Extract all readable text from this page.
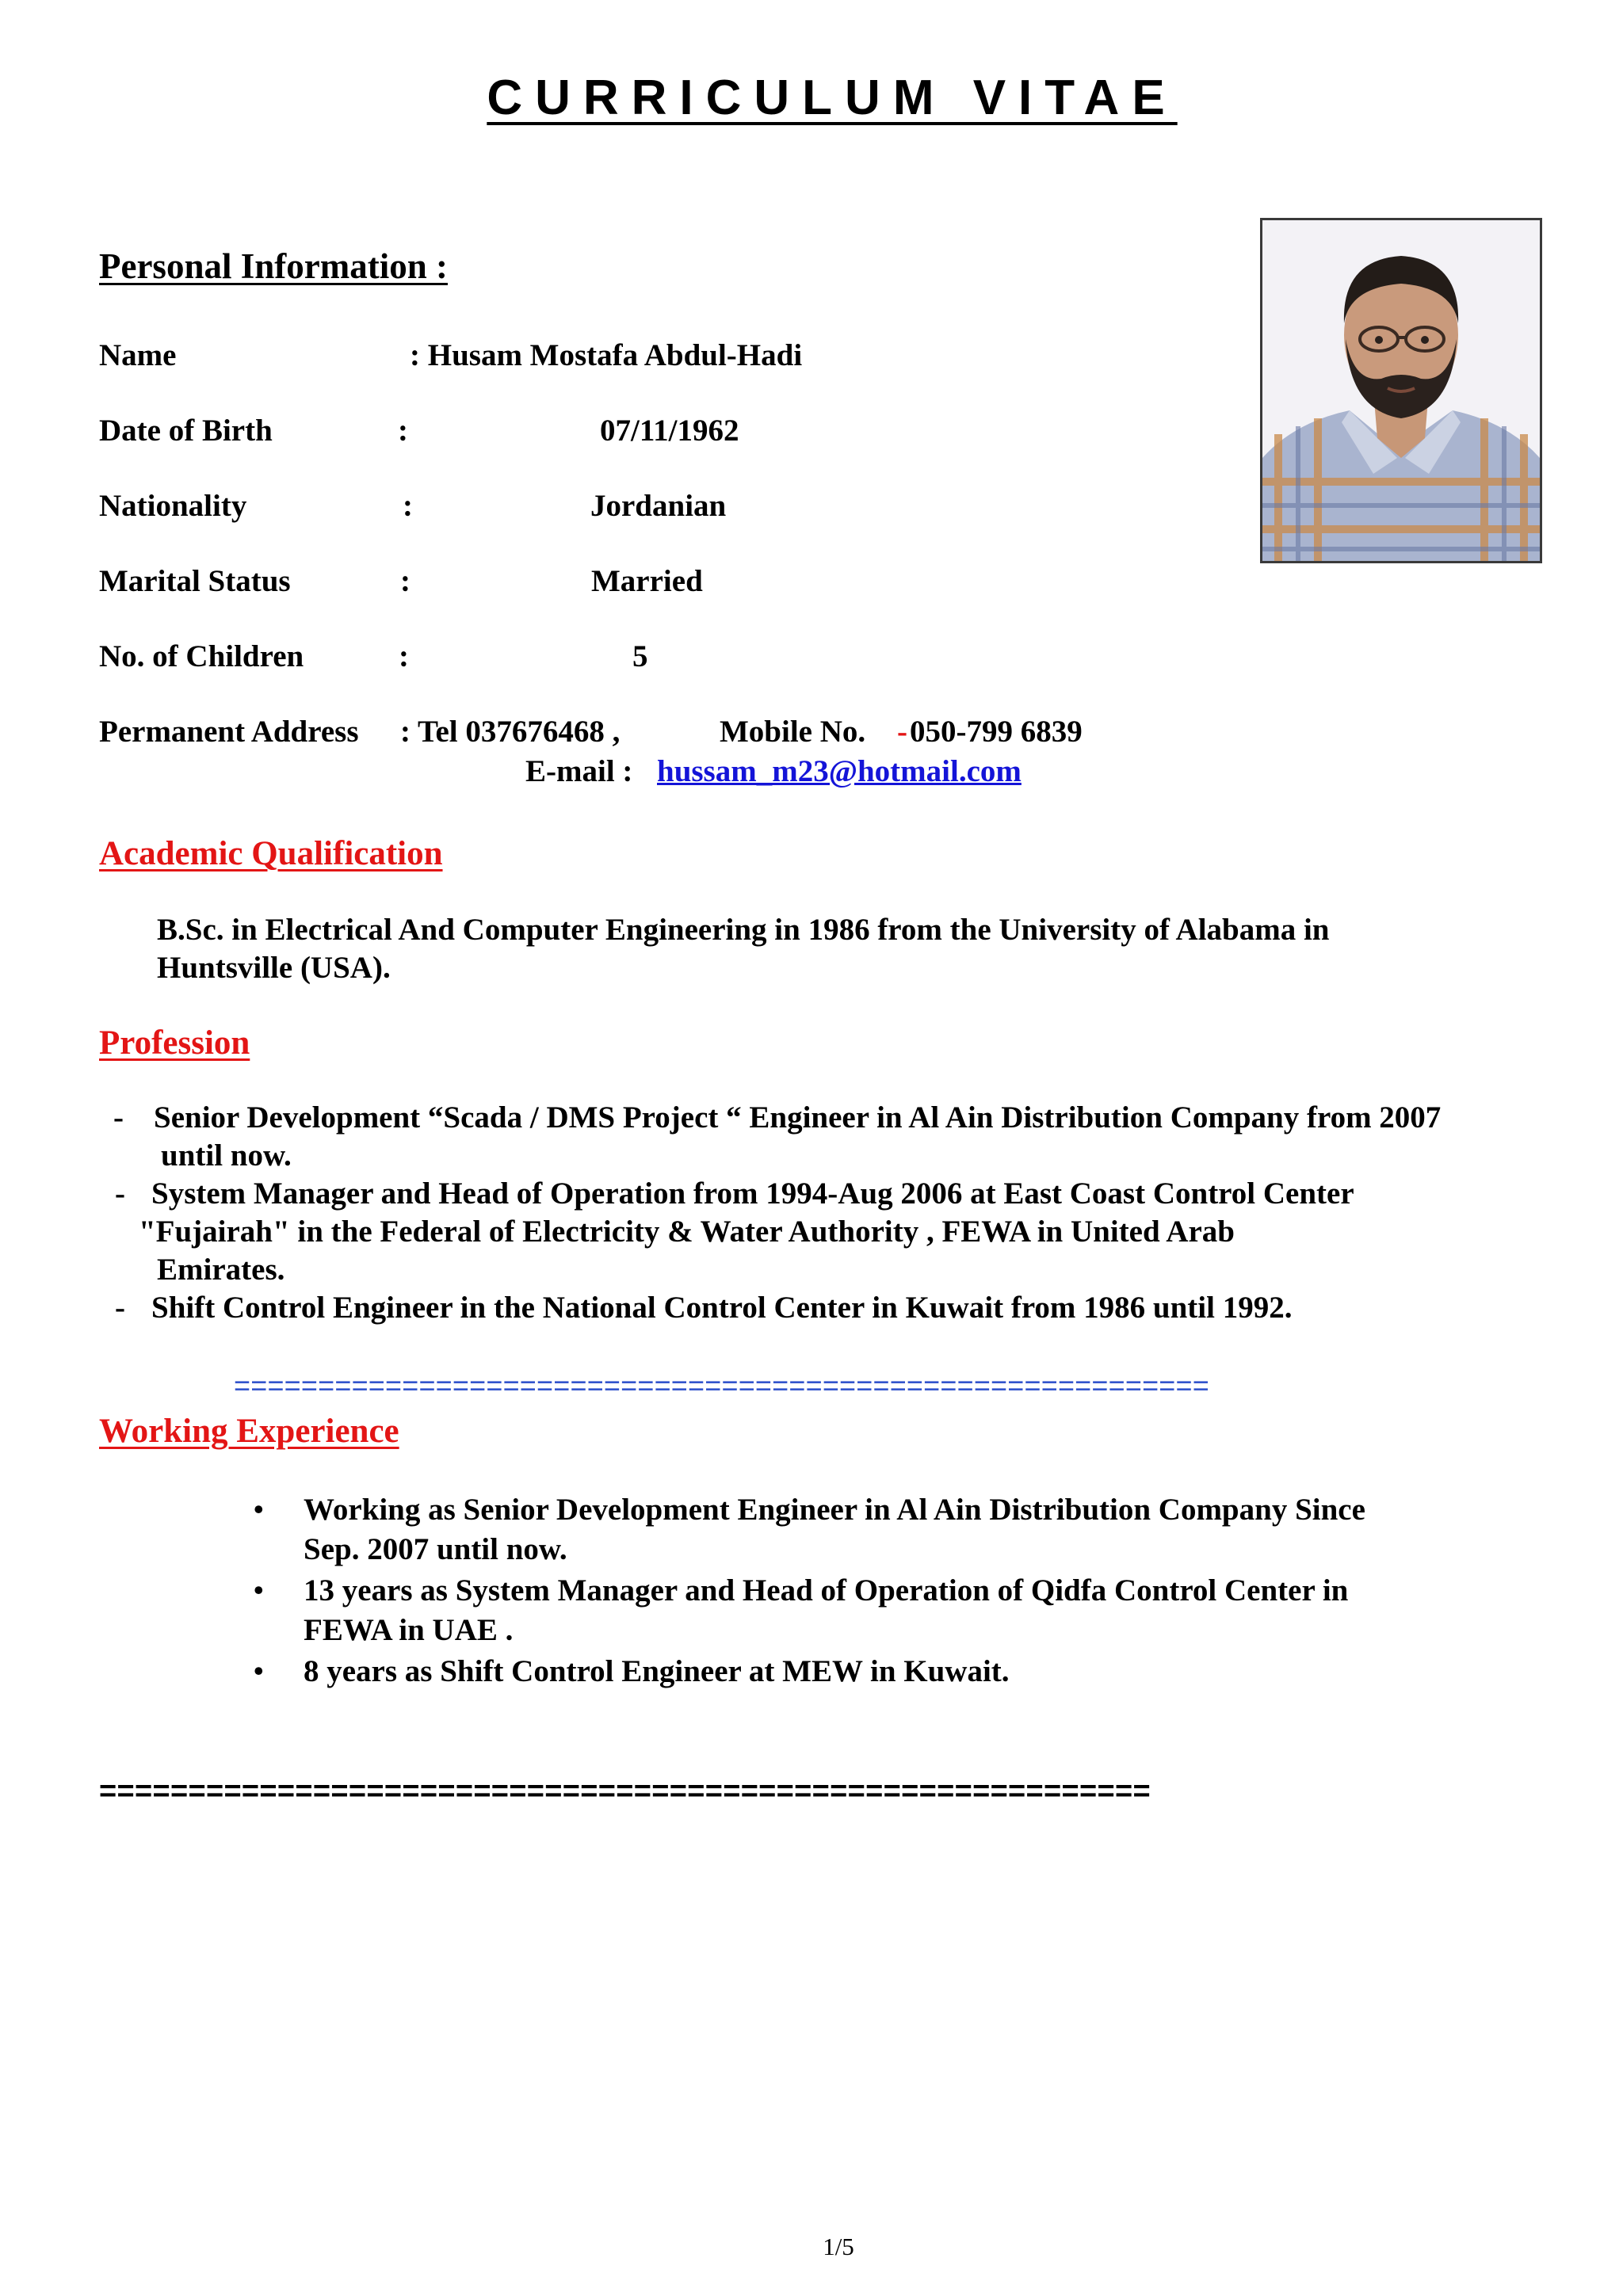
CURRICULUM VITAE
Personal Information :
Name	: Husam Mostafa Abdul-Hadi
Date of Birth	:	07/11/1962
Nationality	:	Jordanian
Marital Status	:	Married
No. of Children	:	5
Permanent Address : Tel 037676468 ,	Mobile No. - 050-799 6839
E-mail : hussam_m23@hotmail.com
Academic Qualification
B.Sc. in Electrical And Computer Engineering in 1986 from the University of Alabama in
Huntsville (USA).
Profession
- Senior Development “Scada / DMS Project “ Engineer in Al Ain Distribution Company from 2007
until now.
- System Manager and Head of Operation from 1994-Aug 2006 at East Coast Control Center
"Fujairah" in the Federal of Electricity & Water Authority , FEWA in United Arab
Emirates.
- Shift Control Engineer in the National Control Center in Kuwait from 1986 until 1992.
==========================================================
Working Experience
• Working as Senior Development Engineer in Al Ain Distribution Company Since
Sep. 2007 until now.
• 13 years as System Manager and Head of Operation of Qidfa Control Center in
FEWA in UAE .
• 8 years as Shift Control Engineer at MEW in Kuwait.
===========================================================
1/5
